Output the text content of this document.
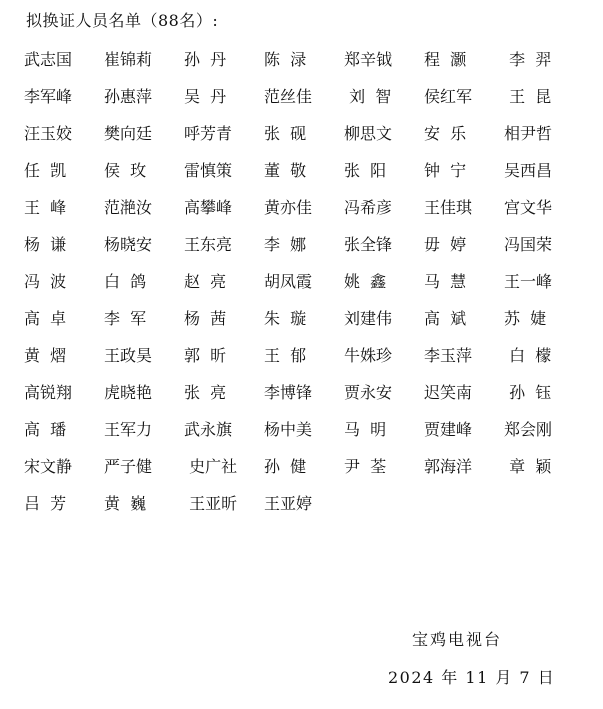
拟换证人员名单（88名）:
武志国	崔锦莉	孙  丹	陈  渌	郑辛钺	程  灏	李  羿
李军峰	孙惠萍	吴  丹	范丝佳	刘  智	侯红军	王  昆
汪玉姣	樊向廷	呼芳青	张  砚	柳思文	安  乐	相尹哲
任  凯	侯  玫	雷慎策	董  敬	张  阳	钟  宁	吴西昌
王  峰	范滟汝	高攀峰	黄亦佳	冯希彦	王佳琪	宫文华
杨  谦	杨晓安	王东亮	李  娜	张全锋	毋  婷	冯国荣
冯  波	白  鸽	赵  亮	胡凤霞	姚  鑫	马  慧	王一峰
高  卓	李  军	杨  茜	朱  璇	刘建伟	高  斌	苏  婕
黄  熠	王政昊	郭  昕	王  郁	牛姝珍	李玉萍	白  檬
高锐翔	虎晓艳	张  亮	李博锋	贾永安	迟笑南	孙  钰
高  璠	王军力	武永旗	杨中美	马  明	贾建峰	郑会刚
宋文静	严子健	史广社	孙  健	尹  荃	郭海洋	章  颖
吕  芳	黄  巍	王亚昕	王亚婷
宝鸡电视台
2024 年 11 月 7 日
